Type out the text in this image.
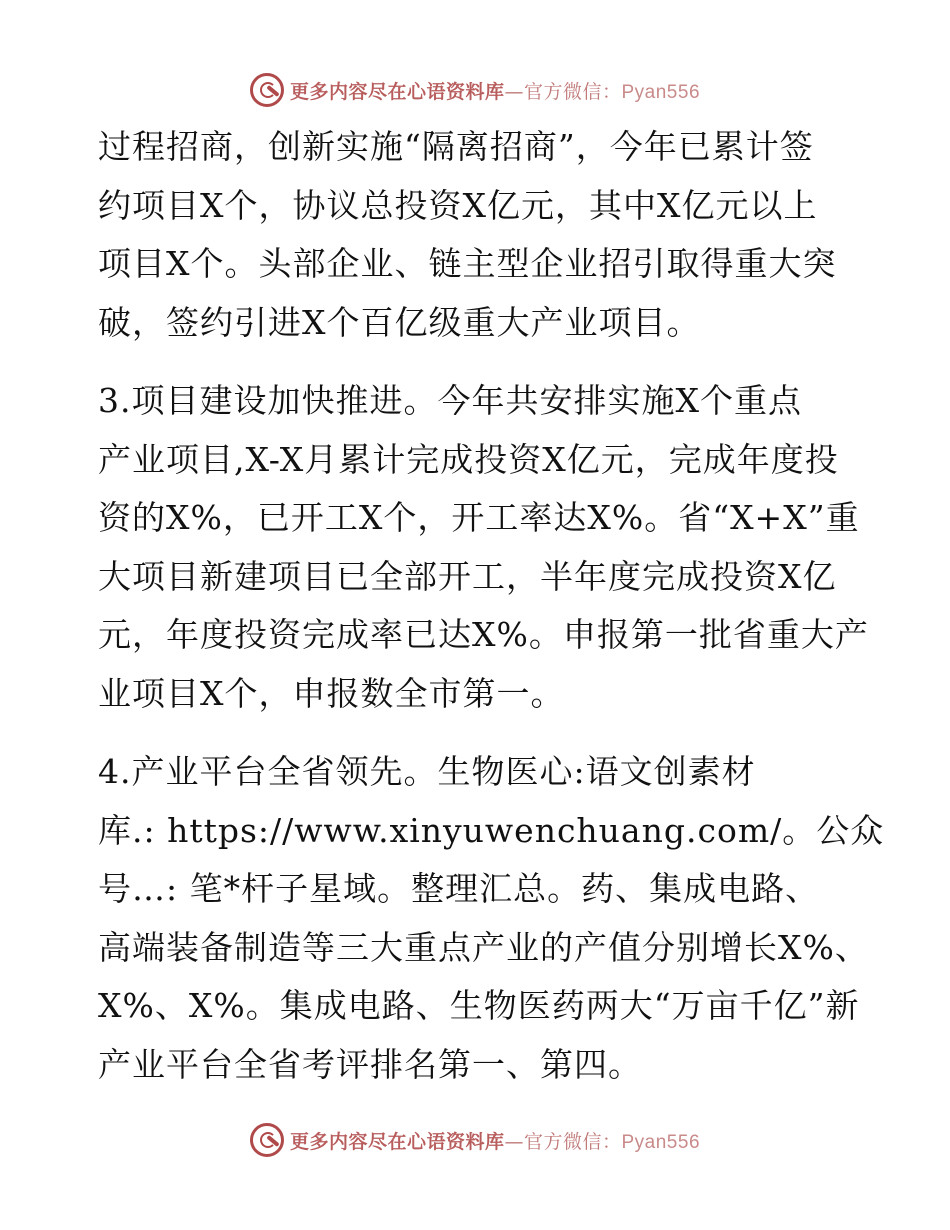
更多内容尽在心语资料库—官方微信：Pyan556

过程招商，创新实施“隔离招商”，今年已累计签
约项目X个，协议总投资X亿元，其中X亿元以上
项目X个。头部企业、链主型企业招引取得重大突
破，签约引进X个百亿级重大产业项目。

3.项目建设加快推进。今年共安排实施X个重点
产业项目,X-X月累计完成投资X亿元，完成年度投
资的X%，已开工X个，开工率达X%。省“X+X”重
大项目新建项目已全部开工，半年度完成投资X亿
元，年度投资完成率已达X%。申报第一批省重大产
业项目X个，申报数全市第一。

4.产业平台全省领先。生物医心:语文创素材
库.: https://www.xinyuwenchuang.com/。公众
号…: 笔*杆子星域。整理汇总。药、集成电路、
高端装备制造等三大重点产业的产值分别增长X%、
X%、X%。集成电路、生物医药两大“万亩千亿”新
产业平台全省考评排名第一、第四。

更多内容尽在心语资料库—官方微信：Pyan556
